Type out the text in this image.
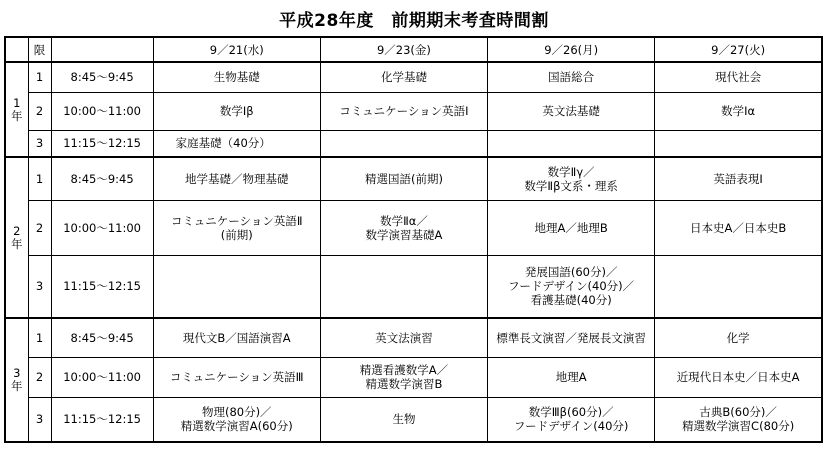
平成28年度　前期期末考査時間割
	限		9／21(水)	9／23(金)	9／26(月)	9／27(火)

1
年	1	8:45～9:45	生物基礎	化学基礎	国語総合	現代社会

	2	10:00～11:00	数学Ⅰβ	コミュニケーション英語Ⅰ	英文法基礎	数学Ⅰα

	3	11:15～12:15	家庭基礎（40分）			

2
年	1	8:45～9:45	地学基礎／物理基礎	精選国語(前期)	数学Ⅱγ／
数学Ⅱβ文系・理系	英語表現Ⅰ

	2	10:00～11:00	コミュニケーション英語Ⅱ
(前期)	数学Ⅱα／
数学演習基礎A	地理A／地理B	日本史A／日本史B

	3	11:15～12:15			発展国語(60分)／
フードデザイン(40分)／
看護基礎(40分)	

3
年	1	8:45～9:45	現代文B／国語演習A	英文法演習	標準長文演習／発展長文演習	化学

	2	10:00～11:00	コミュニケーション英語Ⅲ	精選看護数学A／
精選数学演習B	地理A	近現代日本史／日本史A

	3	11:15～12:15	物理(80分)／
精選数学演習A(60分)	生物	数学Ⅲβ(60分)／
フードデザイン(40分)	古典B(60分)／
精選数学演習C(80分)
